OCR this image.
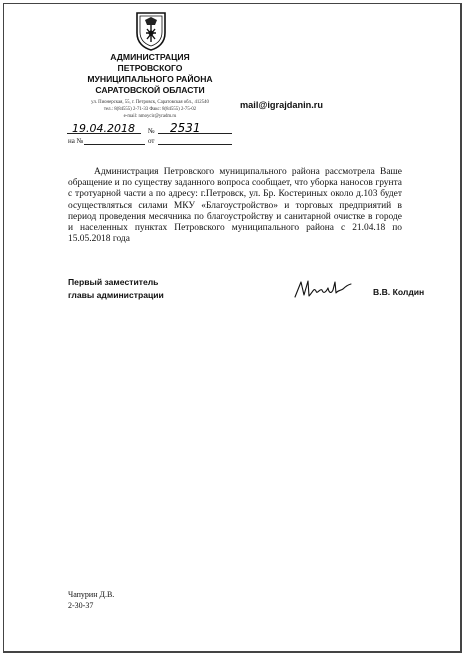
АДМИНИСТРАЦИЯ
ПЕТРОВСКОГО
МУНИЦИПАЛЬНОГО РАЙОНА
САРАТОВСКОЙ ОБЛАСТИ
ул. Пионерская, 55, г. Петровск, Саратовская обл., 412540
тел.: 8(84555) 2-71-33 Факс: 8(84555) 2-75-02
e-mail: nmoycir@yradm.ru
mail@igrajdanin.ru
19.04.2018 № 2531
на №	от

Администрация Петровского муниципального района рассмотрела Ваше обращение и по существу заданного вопроса сообщает, что уборка наносов грунта с тротуарной части а по адресу: г.Петровск, ул. Бр. Костериных около д.103 будет осуществляться силами МКУ «Благоустройство» и торговых предприятий в период проведения месячника по благоустройству и санитарной очистке в городе и населенных пунктах Петровского муниципального района с 21.04.18 по 15.05.2018 года

Первый заместитель
главы администрации	В.В. Колдин
Чапурин Д.В.
2-30-37
